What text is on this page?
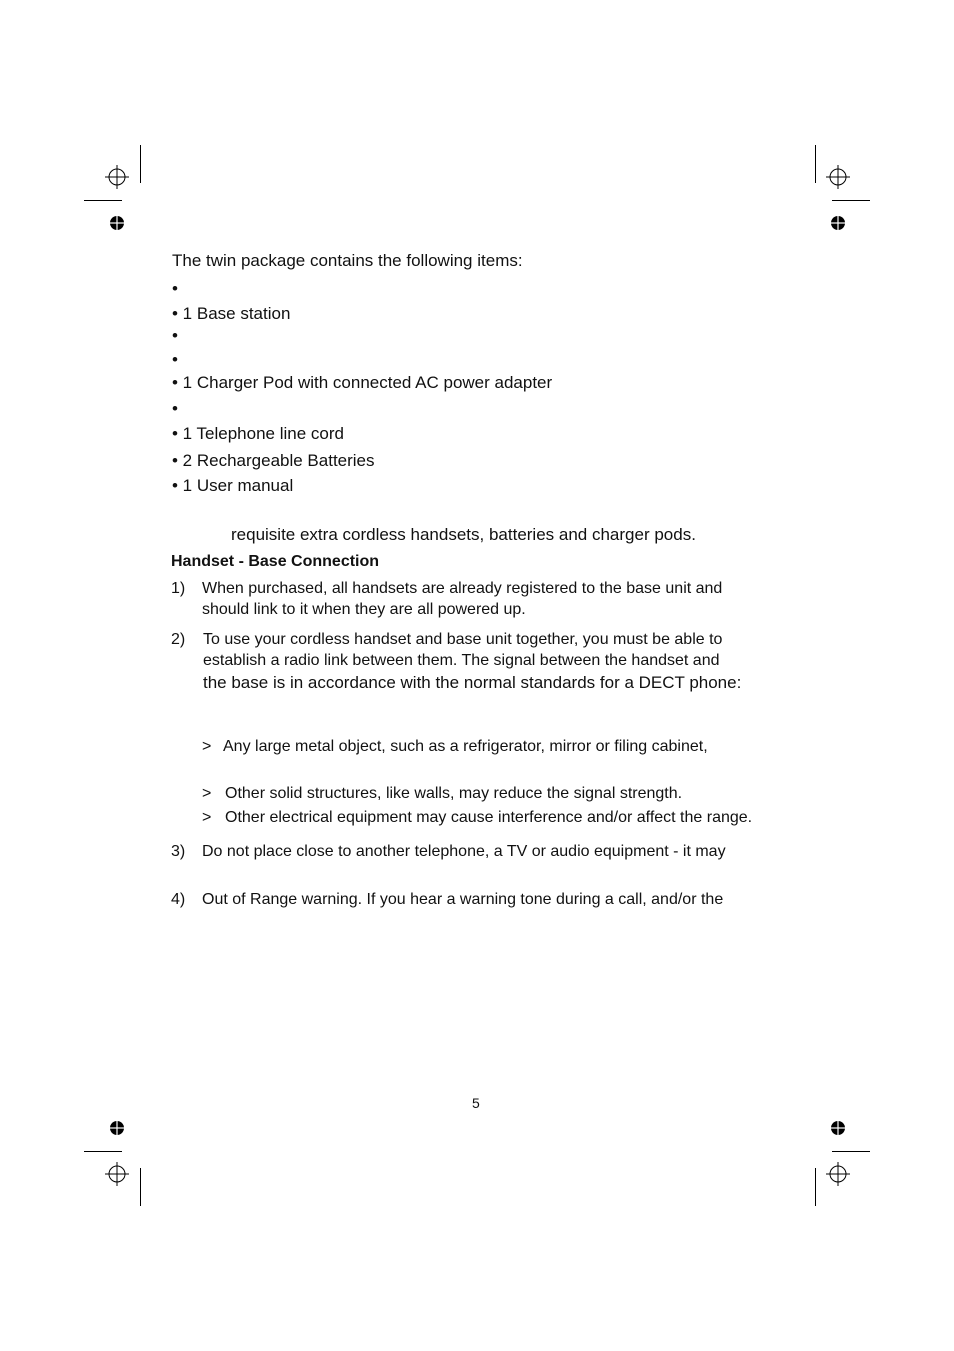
The twin package contains the following items:
•
• 1 Base station
•
•
• 1 Charger Pod with connected AC power adapter
•
• 1 Telephone line cord
• 2 Rechargeable Batteries
• 1 User manual
requisite extra cordless handsets, batteries and charger pods.
Handset - Base Connection
1) When purchased, all handsets are already registered to the base unit and
should link to it when they are all powered up.
2) To use your cordless handset and base unit together, you must be able to
establish a radio link between them. The signal between the handset and
the base is in accordance with the normal standards for a DECT phone:
> Any large metal object, such as a refrigerator, mirror or filing cabinet,
> Other solid structures, like walls, may reduce the signal strength.
> Other electrical equipment may cause interference and/or affect the range.
3) Do not place close to another telephone, a TV or audio equipment - it may
4) Out of Range warning. If you hear a warning tone during a call, and/or the
5
